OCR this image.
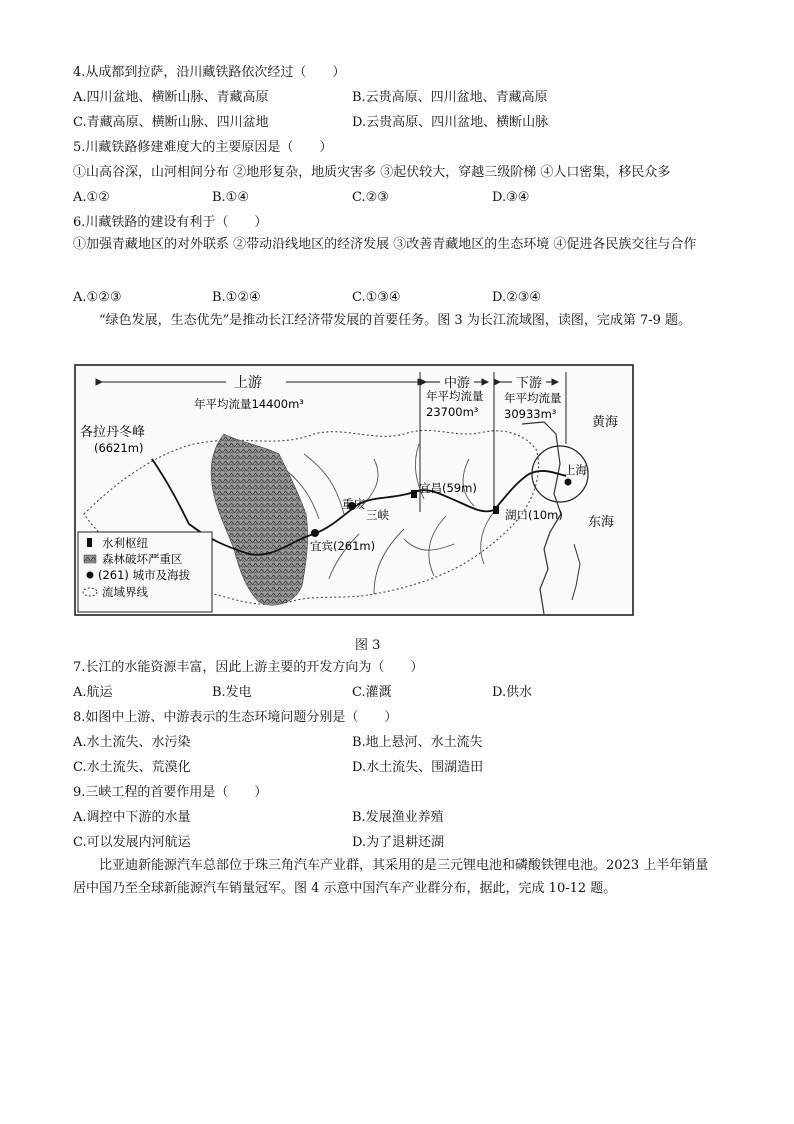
4.从成都到拉萨，沿川藏铁路依次经过（　　）
A.四川盆地、横断山脉、青藏高原	B.云贵高原、四川盆地、青藏高原
C.青藏高原、横断山脉、四川盆地	D.云贵高原、四川盆地、横断山脉
5.川藏铁路修建难度大的主要原因是（　　）
①山高谷深，山河相间分布 ②地形复杂，地质灾害多 ③起伏较大，穿越三级阶梯 ④人口密集，移民众多
A.①②	B.①④	C.②③	D.③④
6.川藏铁路的建设有利于（　　）
①加强青藏地区的对外联系 ②带动沿线地区的经济发展 ③改善青藏地区的生态环境 ④促进各民族交往与合作
A.①②③	B.①②④	C.①③④	D.②③④
“绿色发展，生态优先”是推动长江经济带发展的首要任务。图 3 为长江流域图，读图，完成第 7-9 题。
上游
年平均流量14400m³
中游
年平均流量
23700m³
下游
年平均流量
30933m³
各拉丹冬峰
(6621m)
宜宾(261m)
重庆
三峡
宜昌(59m)
湖口(10m)
上海
黄海
东海
水利枢纽
森林破坏严重区
(261) 城市及海拔
流域界线
图 3
7.长江的水能资源丰富，因此上游主要的开发方向为（　　）
A.航运	B.发电	C.灌溉	D.供水
8.如图中上游、中游表示的生态环境问题分别是（　　）
A.水土流失、水污染	B.地上悬河、水土流失
C.水土流失、荒漠化	D.水土流失、围湖造田
9.三峡工程的首要作用是（　　）
A.调控中下游的水量	B.发展渔业养殖
C.可以发展内河航运	D.为了退耕还湖
比亚迪新能源汽车总部位于珠三角汽车产业群，其采用的是三元锂电池和磷酸铁锂电池。2023 上半年销量居中国乃至全球新能源汽车销量冠军。图 4 示意中国汽车产业群分布，据此，完成 10-12 题。
